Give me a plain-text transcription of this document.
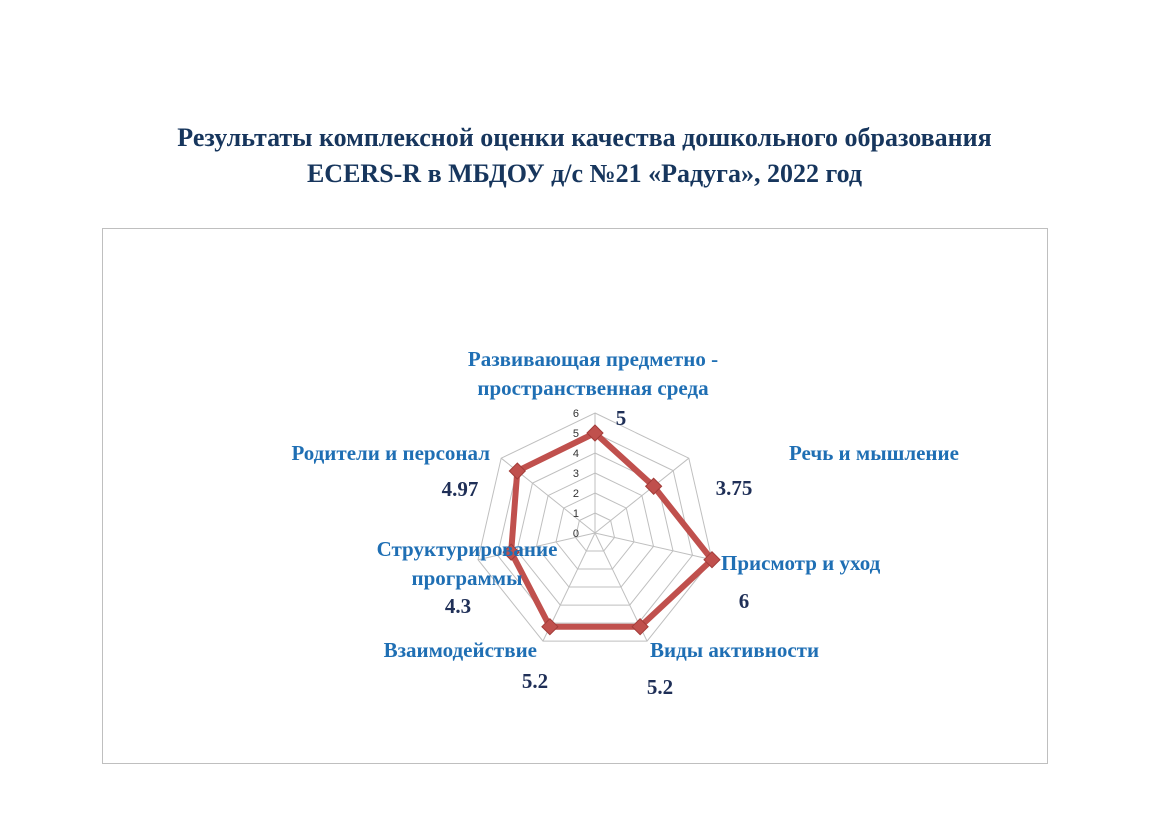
Результаты комплексной оценки качества дошкольного образования
ECERS-R в МБДОУ д/с №21 «Радуга», 2022 год
0
1
2
3
4
5
6
Развивающая предметно -
пространственная среда
Речь и мышление
Присмотр и уход
Виды активности
Взаимодействие
Структурирование
программы
Родители и персонал
5
3.75
6
5.2
5.2
4.3
4.97
